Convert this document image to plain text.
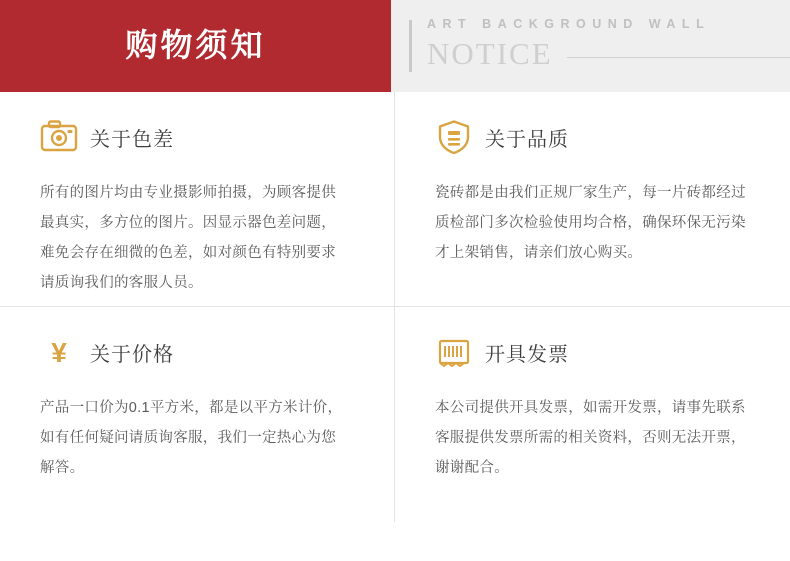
购物须知
ART BACKGROUND WALL
NOTICE
关于色差
所有的图片均由专业摄影师拍摄，为顾客提供最真实，多方位的图片。因显示器色差问题，难免会存在细微的色差，如对颜色有特别要求请质询我们的客服人员。
关于品质
瓷砖都是由我们正规厂家生产，每一片砖都经过质检部门多次检验使用均合格，确保环保无污染才上架销售，请亲们放心购买。
¥ 关于价格
产品一口价为0.1平方米，都是以平方米计价，如有任何疑问请质询客服，我们一定热心为您解答。
开具发票
本公司提供开具发票，如需开发票，请事先联系客服提供发票所需的相关资料，否则无法开票，谢谢配合。
